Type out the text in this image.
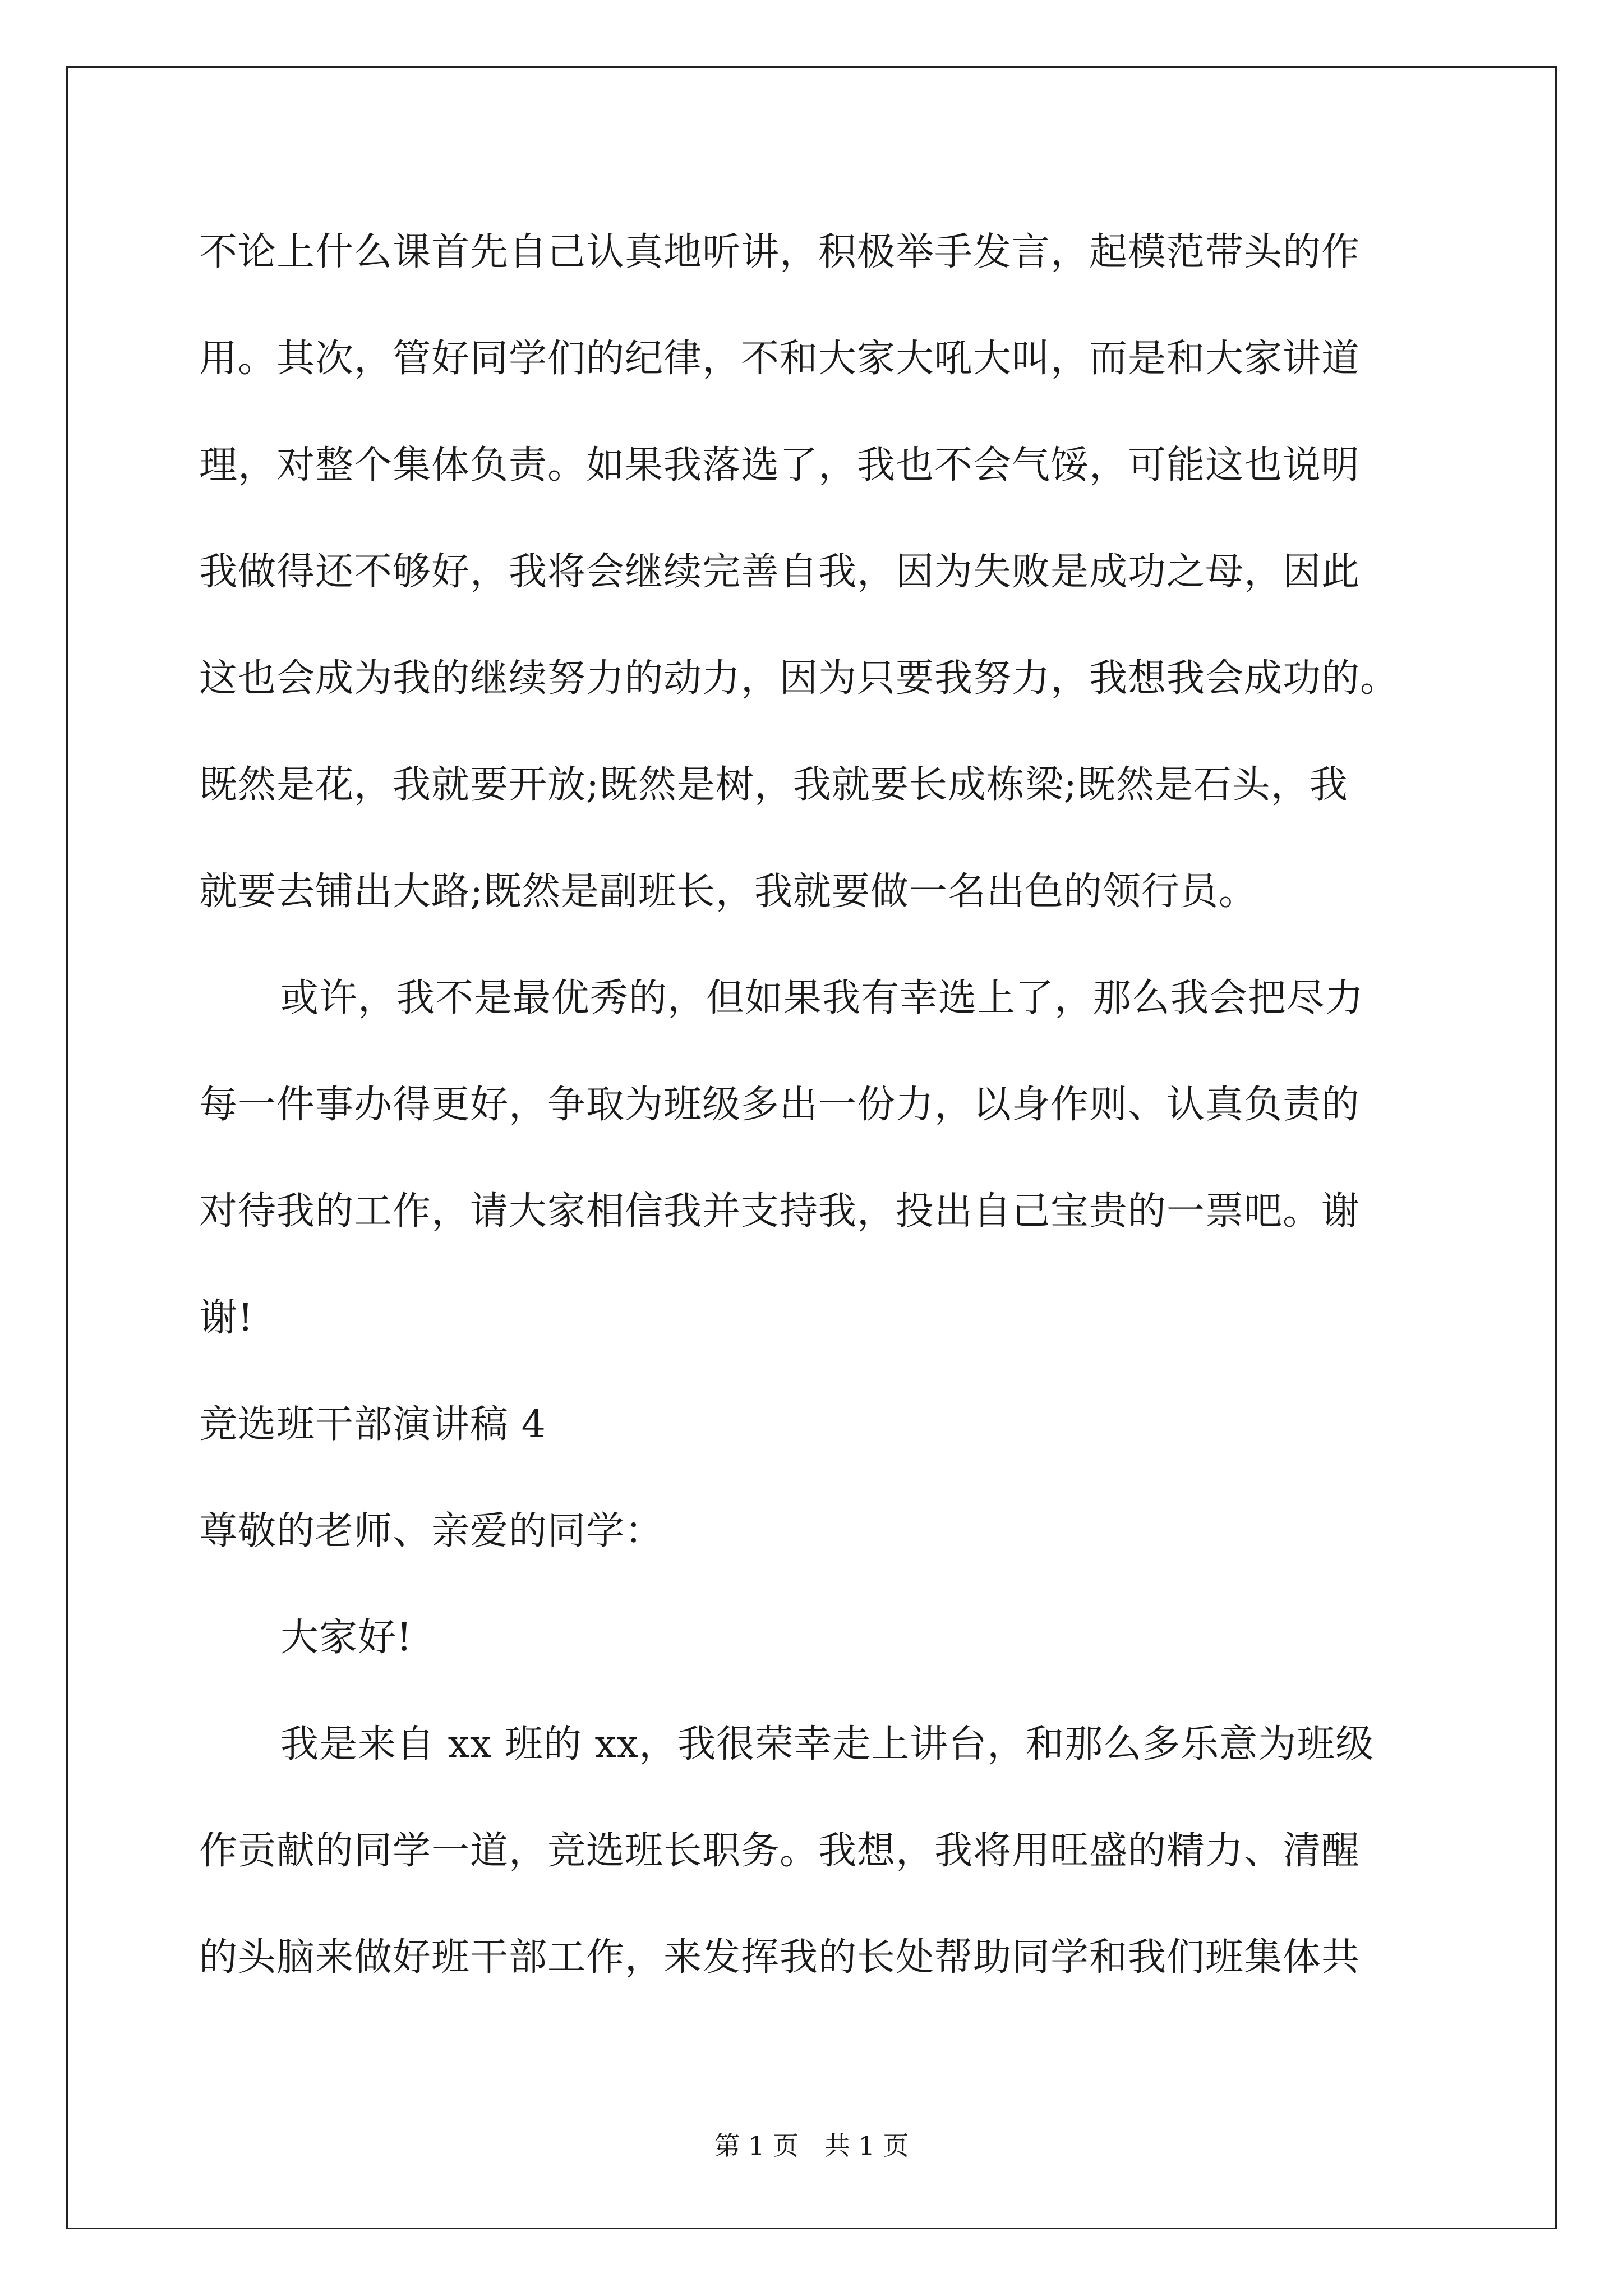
不论上什么课首先自己认真地听讲，积极举手发言，起模范带头的作
用。其次，管好同学们的纪律，不和大家大吼大叫，而是和大家讲道
理，对整个集体负责。如果我落选了，我也不会气馁，可能这也说明
我做得还不够好，我将会继续完善自我，因为失败是成功之母，因此
这也会成为我的继续努力的动力，因为只要我努力，我想我会成功的。
既然是花，我就要开放;既然是树，我就要长成栋梁;既然是石头，我
就要去铺出大路;既然是副班长，我就要做一名出色的领行员。
或许，我不是最优秀的，但如果我有幸选上了，那么我会把尽力
每一件事办得更好，争取为班级多出一份力，以身作则、认真负责的
对待我的工作，请大家相信我并支持我，投出自己宝贵的一票吧。谢
谢!
竞选班干部演讲稿 4
尊敬的老师、亲爱的同学：
大家好!
我是来自 xx 班的 xx，我很荣幸走上讲台，和那么多乐意为班级
作贡献的同学一道，竞选班长职务。我想，我将用旺盛的精力、清醒
的头脑来做好班干部工作，来发挥我的长处帮助同学和我们班集体共
第 1 页　共 1 页
